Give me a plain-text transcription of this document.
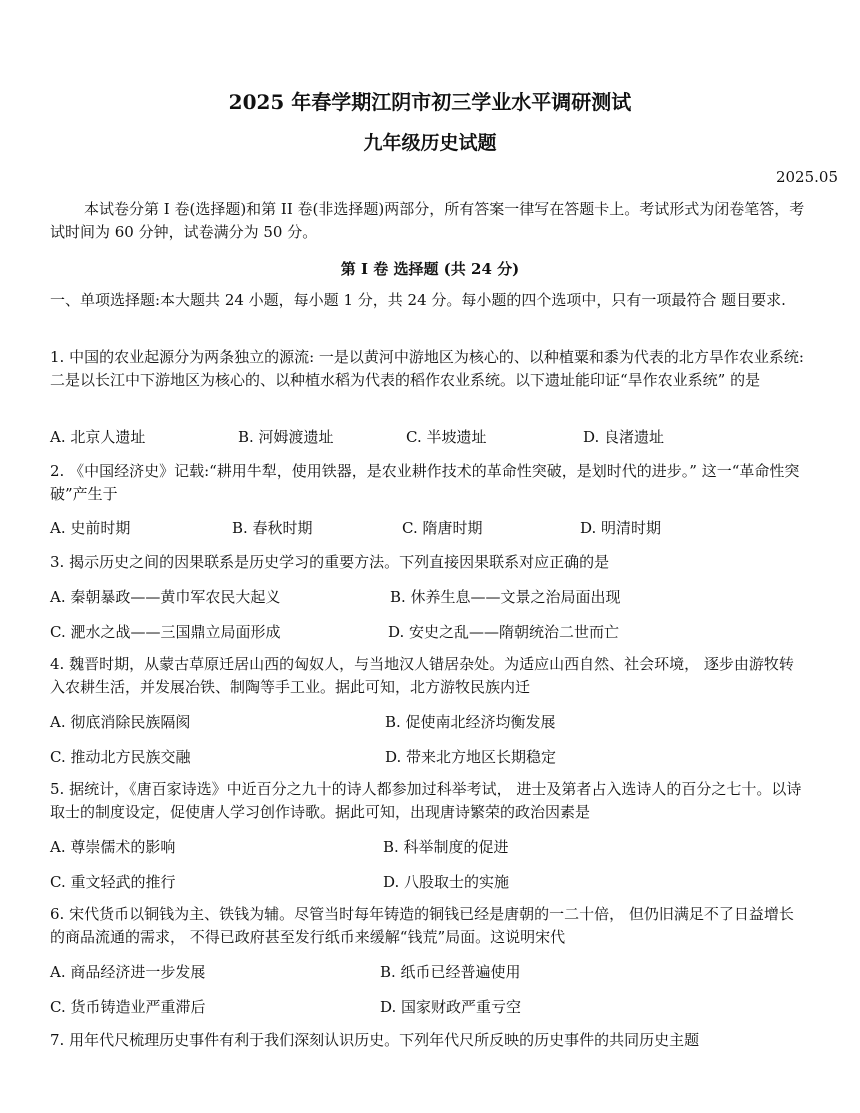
2025 年春学期江阴市初三学业水平调研测试
九年级历史试题
2025.05

本试卷分第 I 卷(选择题)和第 II 卷(非选择题)两部分，所有答案一律写在答题卡上。考试形式为闭卷笔答，考试时间为 60 分钟，试卷满分为 50 分。

第 I 卷 选择题 (共 24 分)

一、单项选择题:本大题共 24 小题，每小题 1 分，共 24 分。每小题的四个选项中，只有一项最符合 题目要求.

1. 中国的农业起源分为两条独立的源流: 一是以黄河中游地区为核心的、以种植粟和黍为代表的北方旱作农业系统:二是以长江中下游地区为核心的、以种植水稻为代表的稻作农业系统。以下遗址能印证“旱作农业系统” 的是

A. 北京人遗址	B. 河姆渡遗址	C. 半坡遗址	D. 良渚遗址

2. 《中国经济史》记载:“耕用牛犁，使用铁器，是农业耕作技术的革命性突破，是划时代的进步。” 这一“革命性突破”产生于

A. 史前时期	B. 春秋时期	C. 隋唐时期	D. 明清时期

3. 揭示历史之间的因果联系是历史学习的重要方法。下列直接因果联系对应正确的是

A. 秦朝暴政——黄巾军农民大起义	B. 休养生息——文景之治局面出现
C. 淝水之战——三国鼎立局面形成	D. 安史之乱——隋朝统治二世而亡

4. 魏晋时期，从蒙古草原迁居山西的匈奴人，与当地汉人错居杂处。为适应山西自然、社会环境， 逐步由游牧转入农耕生活，并发展冶铁、制陶等手工业。据此可知，北方游牧民族内迁

A. 彻底消除民族隔阂	B. 促使南北经济均衡发展
C. 推动北方民族交融	D. 带来北方地区长期稳定

5. 据统计，《唐百家诗选》中近百分之九十的诗人都参加过科举考试， 进士及第者占入选诗人的百分之七十。以诗取士的制度设定，促使唐人学习创作诗歌。据此可知，出现唐诗繁荣的政治因素是

A. 尊崇儒术的影响	B. 科举制度的促进
C. 重文轻武的推行	D. 八股取士的实施

6. 宋代货币以铜钱为主、铁钱为辅。尽管当时每年铸造的铜钱已经是唐朝的一二十倍， 但仍旧满足不了日益增长的商品流通的需求， 不得已政府甚至发行纸币来缓解“钱荒”局面。这说明宋代

A. 商品经济进一步发展	B. 纸币已经普遍使用
C. 货币铸造业严重滞后	D. 国家财政严重亏空

7. 用年代尺梳理历史事件有利于我们深刻认识历史。下列年代尺所反映的历史事件的共同历史主题
